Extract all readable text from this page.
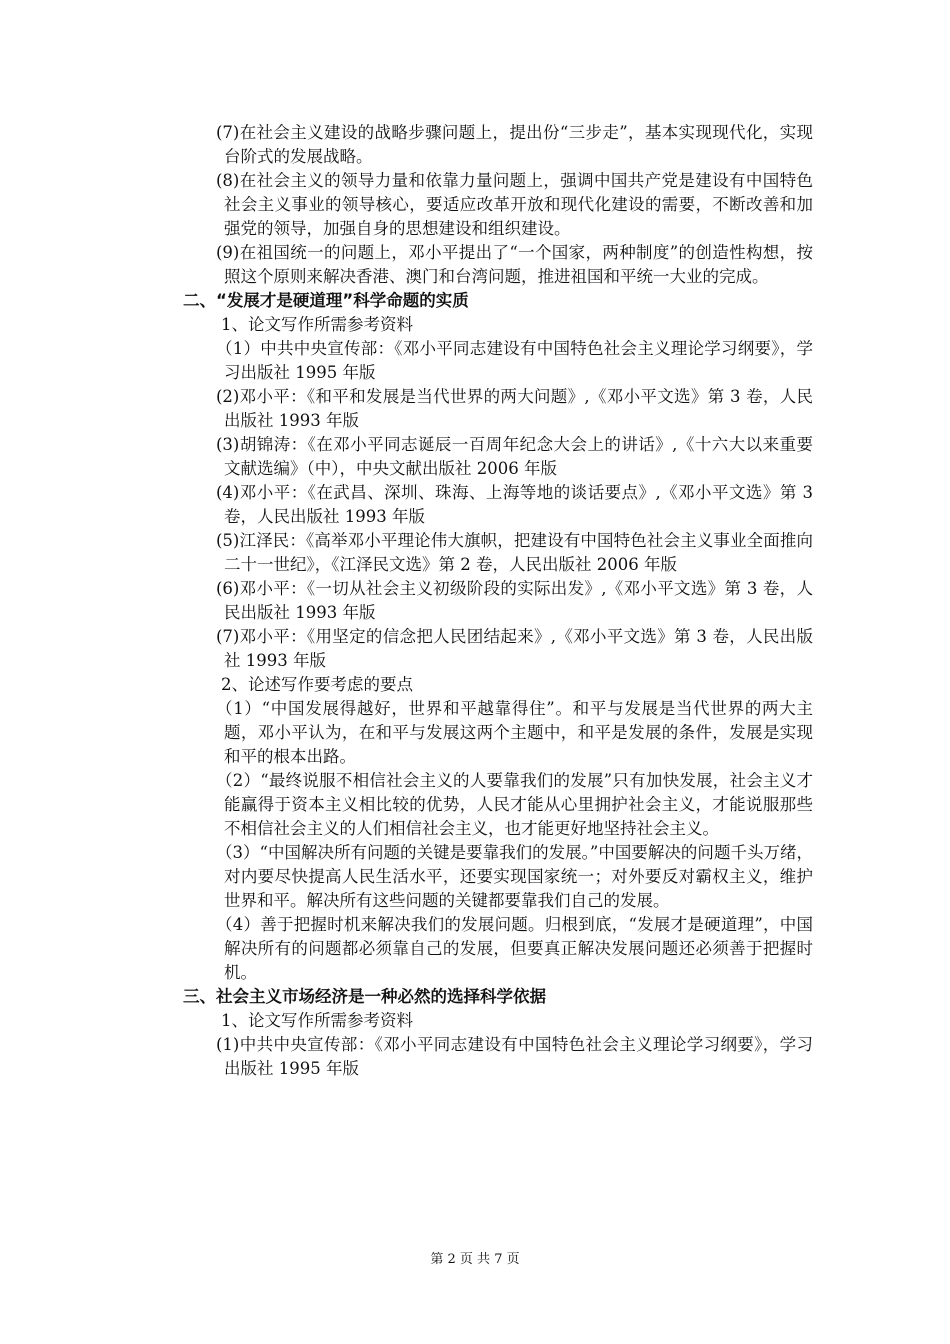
(7)在社会主义建设的战略步骤问题上，提出份“三步走”，基本实现现代化，实现台阶式的发展战略。

(8)在社会主义的领导力量和依靠力量问题上，强调中国共产党是建设有中国特色社会主义事业的领导核心，要适应改革开放和现代化建设的需要，不断改善和加强党的领导，加强自身的思想建设和组织建设。

(9)在祖国统一的问题上，邓小平提出了“一个国家，两种制度”的创造性构想，按照这个原则来解决香港、澳门和台湾问题，推进祖国和平统一大业的完成。

二、“发展才是硬道理”科学命题的实质

1、论文写作所需参考资料

（1）中共中央宣传部：《邓小平同志建设有中国特色社会主义理论学习纲要》，学习出版社 1995 年版

(2)邓小平：《和平和发展是当代世界的两大问题》,《邓小平文选》第 3 卷，人民出版社 1993 年版

(3)胡锦涛：《在邓小平同志诞辰一百周年纪念大会上的讲话》,《十六大以来重要文献选编》（中），中央文献出版社 2006 年版

(4)邓小平：《在武昌、深圳、珠海、上海等地的谈话要点》,《邓小平文选》第 3 卷，人民出版社 1993 年版

(5)江泽民：《高举邓小平理论伟大旗帜，把建设有中国特色社会主义事业全面推向二十一世纪》，《江泽民文选》第 2 卷，人民出版社 2006 年版

(6)邓小平：《一切从社会主义初级阶段的实际出发》,《邓小平文选》第 3 卷，人民出版社 1993 年版

(7)邓小平：《用坚定的信念把人民团结起来》,《邓小平文选》第 3 卷，人民出版社 1993 年版

2、论述写作要考虑的要点

（1）“中国发展得越好，世界和平越靠得住”。和平与发展是当代世界的两大主题，邓小平认为，在和平与发展这两个主题中，和平是发展的条件，发展是实现和平的根本出路。

（2）“最终说服不相信社会主义的人要靠我们的发展”只有加快发展，社会主义才能赢得于资本主义相比较的优势，人民才能从心里拥护社会主义，才能说服那些不相信社会主义的人们相信社会主义，也才能更好地坚持社会主义。

（3）“中国解决所有问题的关键是要靠我们的发展。”中国要解决的问题千头万绪，对内要尽快提高人民生活水平，还要实现国家统一；对外要反对霸权主义，维护世界和平。解决所有这些问题的关键都要靠我们自己的发展。

（4）善于把握时机来解决我们的发展问题。归根到底，“发展才是硬道理”，中国解决所有的问题都必须靠自己的发展，但要真正解决发展问题还必须善于把握时机。

三、社会主义市场经济是一种必然的选择科学依据

1、论文写作所需参考资料

(1)中共中央宣传部：《邓小平同志建设有中国特色社会主义理论学习纲要》，学习出版社 1995 年版

第 2 页 共 7 页
